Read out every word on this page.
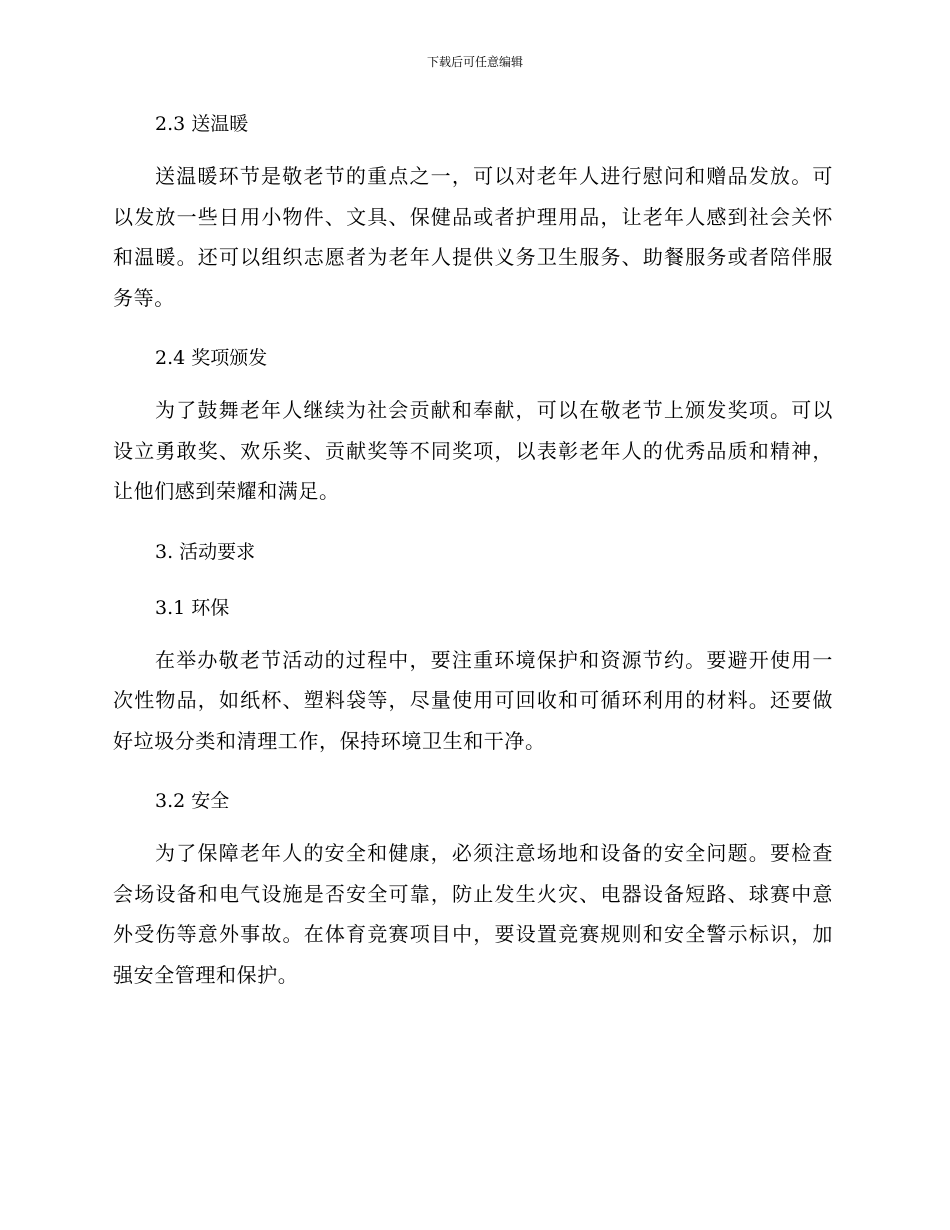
下载后可任意编辑
2.3 送温暖

送温暖环节是敬老节的重点之一，可以对老年人进行慰问和赠品发放。可以发放一些日用小物件、文具、保健品或者护理用品，让老年人感到社会关怀和温暖。还可以组织志愿者为老年人提供义务卫生服务、助餐服务或者陪伴服务等。

2.4 奖项颁发

为了鼓舞老年人继续为社会贡献和奉献，可以在敬老节上颁发奖项。可以设立勇敢奖、欢乐奖、贡献奖等不同奖项，以表彰老年人的优秀品质和精神，让他们感到荣耀和满足。

3. 活动要求
3.1 环保

在举办敬老节活动的过程中，要注重环境保护和资源节约。要避开使用一次性物品，如纸杯、塑料袋等，尽量使用可回收和可循环利用的材料。还要做好垃圾分类和清理工作，保持环境卫生和干净。

3.2 安全

为了保障老年人的安全和健康，必须注意场地和设备的安全问题。要检查会场设备和电气设施是否安全可靠，防止发生火灾、电器设备短路、球赛中意外受伤等意外事故。在体育竞赛项目中，要设置竞赛规则和安全警示标识，加强安全管理和保护。
